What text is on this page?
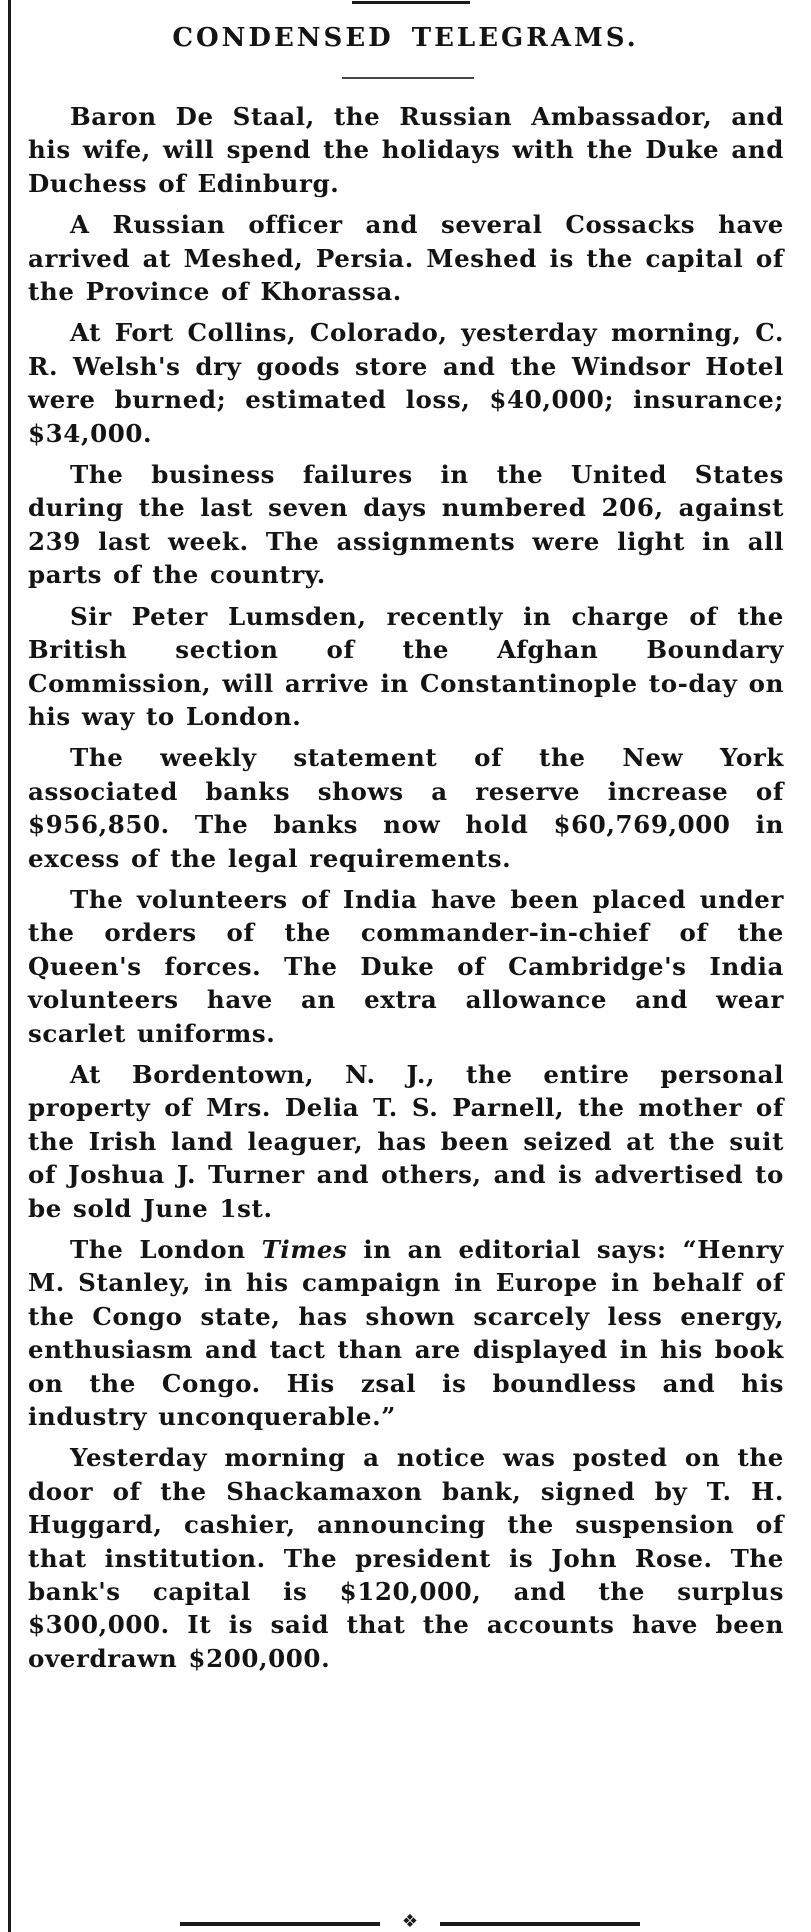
CONDENSED TELEGRAMS.

Baron De Staal, the Russian Ambassador, and his wife, will spend the holidays with the Duke and Duchess of Edinburg.

A Russian officer and several Cossacks have arrived at Meshed, Persia. Meshed is the capital of the Province of Khorassa.

At Fort Collins, Colorado, yesterday morning, C. R. Welsh's dry goods store and the Windsor Hotel were burned; estimated loss, $40,000; insurance; $34,000.

The business failures in the United States during the last seven days numbered 206, against 239 last week. The assignments were light in all parts of the country.

Sir Peter Lumsden, recently in charge of the British section of the Afghan Boundary Commission, will arrive in Constantinople to-day on his way to London.

The weekly statement of the New York associated banks shows a reserve increase of $956,850. The banks now hold $60,769,000 in excess of the legal requirements.

The volunteers of India have been placed under the orders of the commander-in-chief of the Queen's forces. The Duke of Cambridge's India volunteers have an extra allowance and wear scarlet uniforms.

At Bordentown, N. J., the entire personal property of Mrs. Delia T. S. Parnell, the mother of the Irish land leaguer, has been seized at the suit of Joshua J. Turner and others, and is advertised to be sold June 1st.

The London Times in an editorial says: “Henry M. Stanley, in his campaign in Europe in behalf of the Congo state, has shown scarcely less energy, enthusiasm and tact than are displayed in his book on the Congo. His zsal is boundless and his industry unconquerable.”

Yesterday morning a notice was posted on the door of the Shackamaxon bank, signed by T. H. Huggard, cashier, announcing the suspension of that institution. The president is John Rose. The bank's capital is $120,000, and the surplus $300,000. It is said that the accounts have been overdrawn $200,000.

❖
